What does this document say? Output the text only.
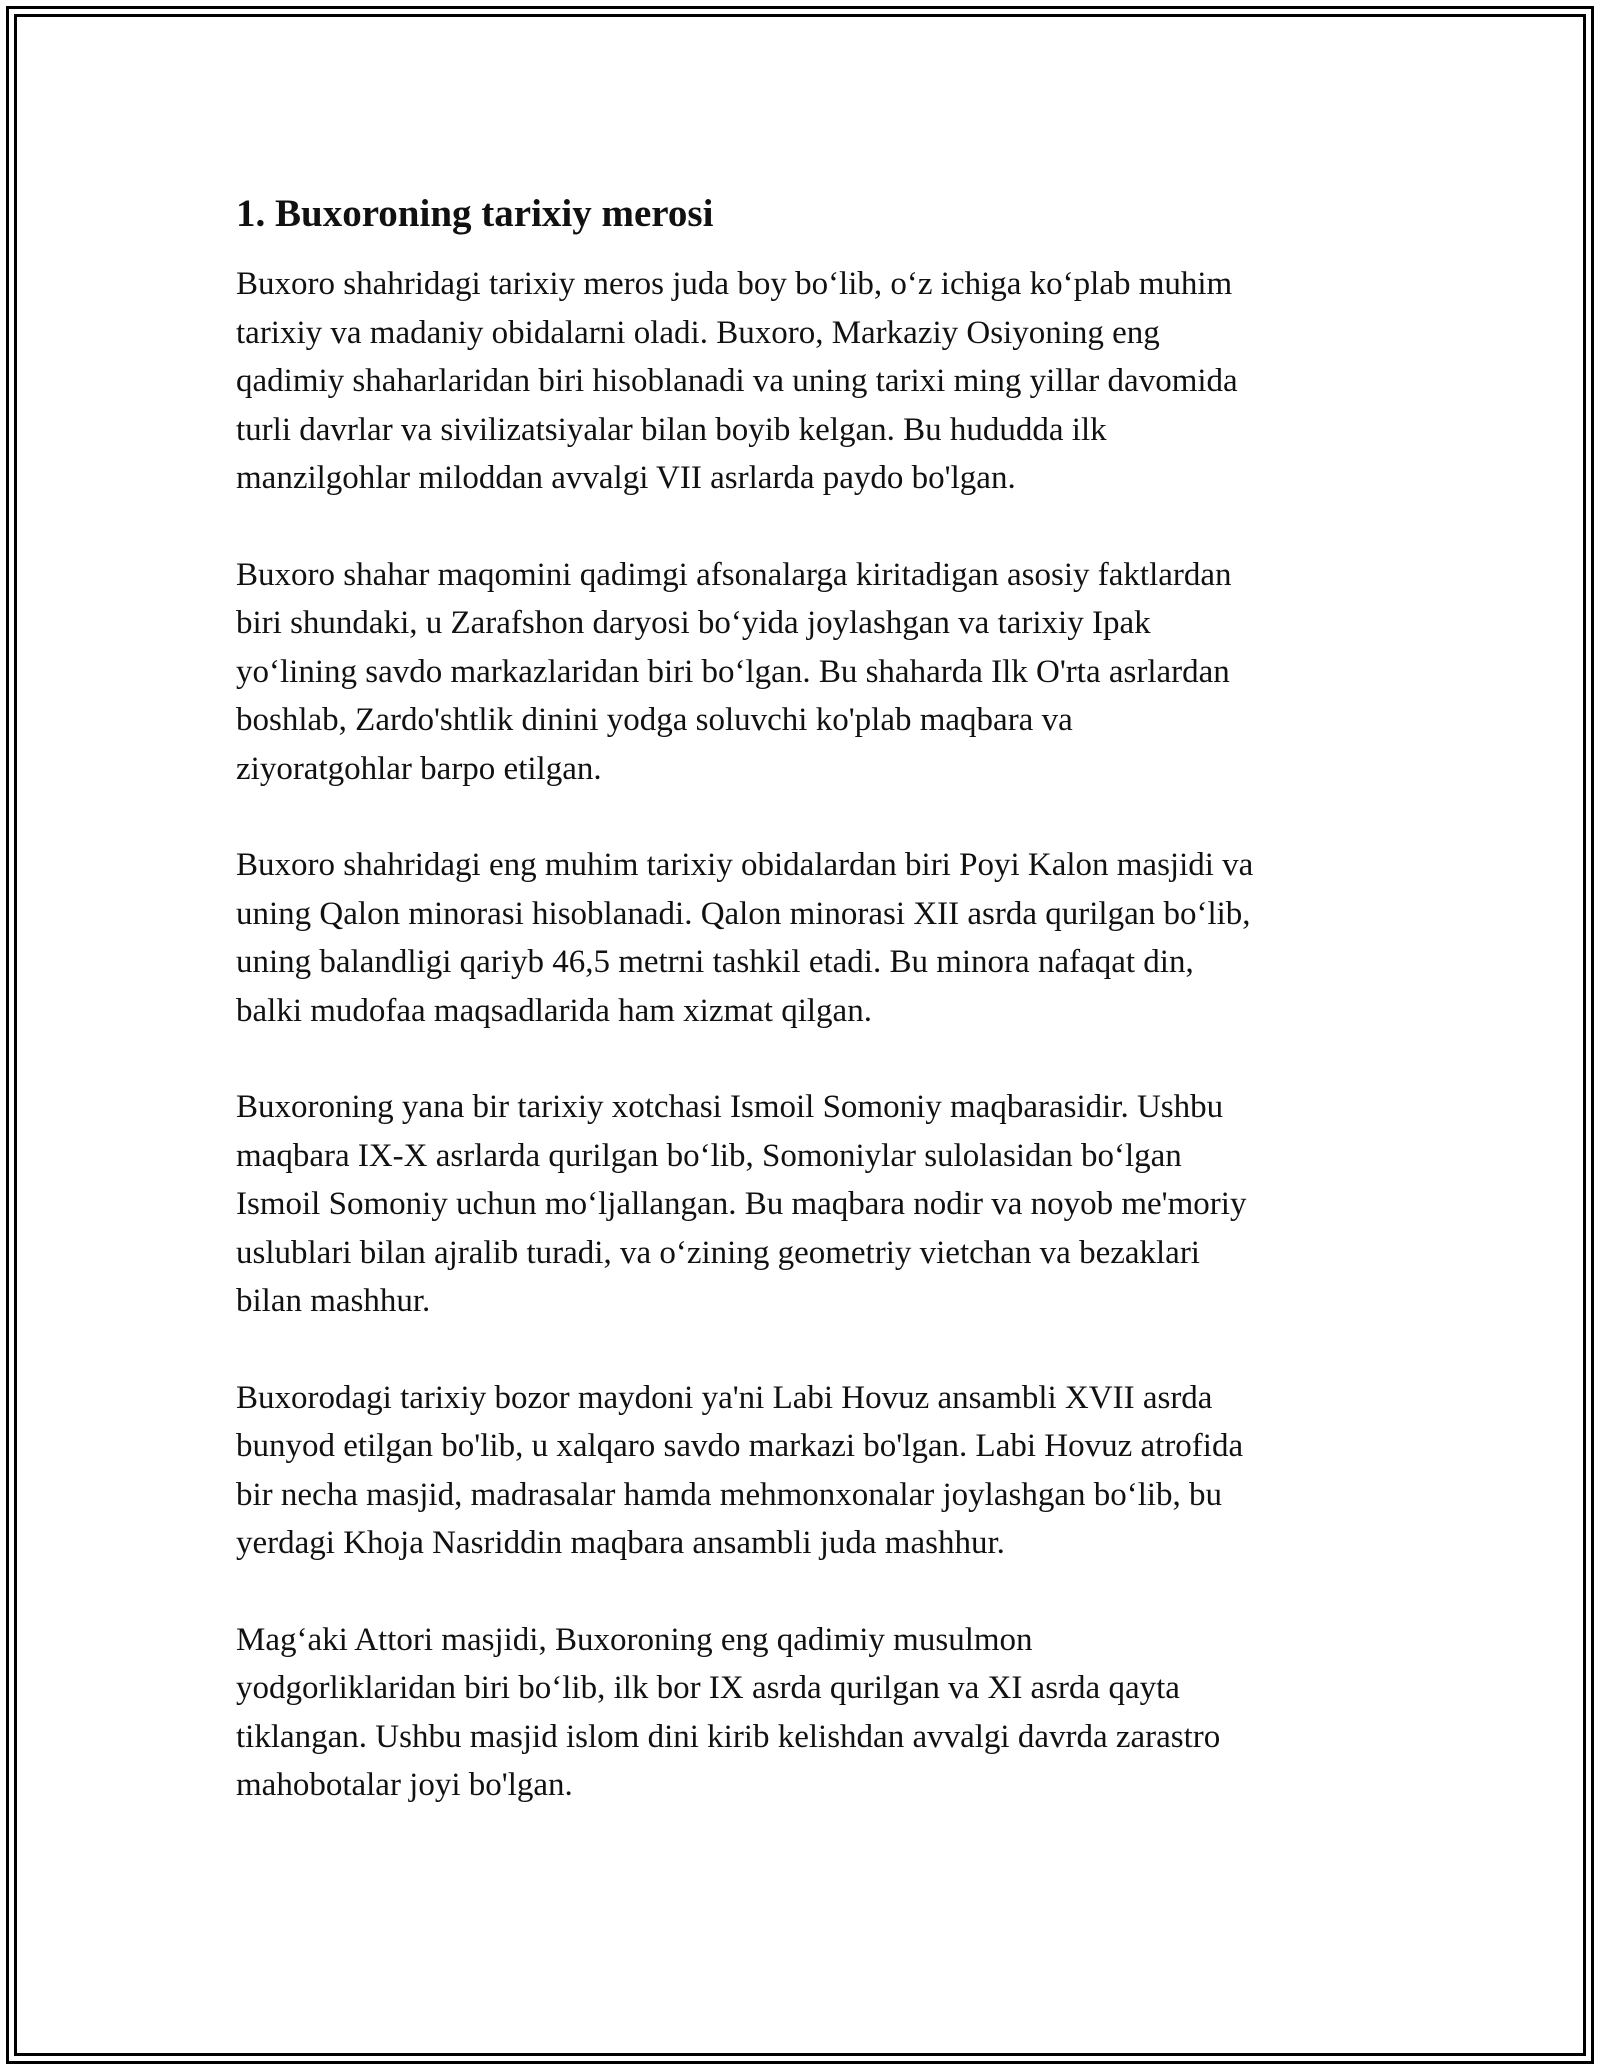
1. Buxoroning tarixiy merosi
Buxoro shahridagi tarixiy meros juda boy bo‘lib, o‘z ichiga ko‘plab muhim
tarixiy va madaniy obidalarni oladi. Buxoro, Markaziy Osiyoning eng
qadimiy shaharlaridan biri hisoblanadi va uning tarixi ming yillar davomida
turli davrlar va sivilizatsiyalar bilan boyib kelgan. Bu hududda ilk
manzilgohlar miloddan avvalgi VII asrlarda paydo bo'lgan.
Buxoro shahar maqomini qadimgi afsonalarga kiritadigan asosiy faktlardan
biri shundaki, u Zarafshon daryosi bo‘yida joylashgan va tarixiy Ipak
yo‘lining savdo markazlaridan biri bo‘lgan. Bu shaharda Ilk O'rta asrlardan
boshlab, Zardo'shtlik dinini yodga soluvchi ko'plab maqbara va
ziyoratgohlar barpo etilgan.
Buxoro shahridagi eng muhim tarixiy obidalardan biri Poyi Kalon masjidi va
uning Qalon minorasi hisoblanadi. Qalon minorasi XII asrda qurilgan bo‘lib,
uning balandligi qariyb 46,5 metrni tashkil etadi. Bu minora nafaqat din,
balki mudofaa maqsadlarida ham xizmat qilgan.
Buxoroning yana bir tarixiy xotchasi Ismoil Somoniy maqbarasidir. Ushbu
maqbara IX-X asrlarda qurilgan bo‘lib, Somoniylar sulolasidan bo‘lgan
Ismoil Somoniy uchun mo‘ljallangan. Bu maqbara nodir va noyob me'moriy
uslublari bilan ajralib turadi, va o‘zining geometriy vietchan va bezaklari
bilan mashhur.
Buxorodagi tarixiy bozor maydoni ya'ni Labi Hovuz ansambli XVII asrda
bunyod etilgan bo'lib, u xalqaro savdo markazi bo'lgan. Labi Hovuz atrofida
bir necha masjid, madrasalar hamda mehmonxonalar joylashgan bo‘lib, bu
yerdagi Khoja Nasriddin maqbara ansambli juda mashhur.
Mag‘aki Attori masjidi, Buxoroning eng qadimiy musulmon
yodgorliklaridan biri bo‘lib, ilk bor IX asrda qurilgan va XI asrda qayta
tiklangan. Ushbu masjid islom dini kirib kelishdan avvalgi davrda zarastro
mahobotalar joyi bo'lgan.
